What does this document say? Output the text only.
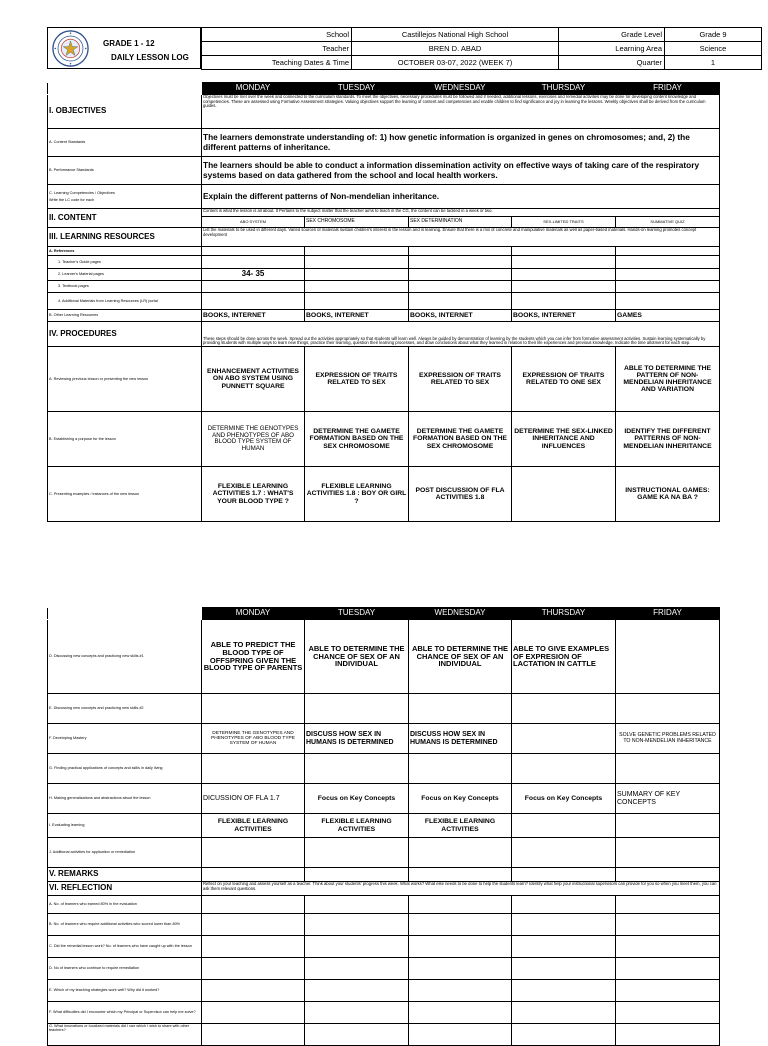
GRADE 1 - 12
DAILY LESSON LOG
School	Castillejos National High School	Grade Level	Grade 9
Teacher	BREN D. ABAD	Learning Area	Science
Teaching Dates & Time	OCTOBER 03-07, 2022 (WEEK 7)	Quarter	1
	MONDAY	TUESDAY	WEDNESDAY	THURSDAY	FRIDAY
I. OBJECTIVES	Objectives must be met over the week and connected to the curriculum standards. To meet the objectives, necessary procedures must be followed and if needed, additional lessons, exercises and remedial activities may be done for developing content knowledge and competencies. These are assessed using Formative Assessment strategies. Valuing objectives support the learning of content and competencies and enable children to find significance and joy in learning the lessons. Weekly objectives shall be derived from the curriculum guides.				
A. Content Standards	The learners demonstrate understanding of: 1) how genetic information is organized in genes on chromosomes; and, 2) the different patterns of inheritance.				
B. Performance Standards	The learners should be able to conduct a information dissemination activity on effective ways of taking care of the respiratory systems based on data gathered from the school and local health workers.				

C. Learning Competencies / Objectives
Write the LC code for each	Explain the different patterns of Non-mendelian inheritance.				
II. CONTENT	Content is what the lesson is all about. It Pertains to the subject matter that the teacher aims to teach in the CG, the content can be tackled in a week or two.				
	ABO SYSTEM	SEX CHROMOSOME	SEX DETERMINATION	SEX-LIMITED TRAITS	SUMMATIVE QUIZ
III. LEARNING RESOURCES	List the materials to be used in different days. Varied sources of materials sustain children's interest in the lesson and in learning. Ensure that there is a mix of concrete and manipulative materials as well as paper-based materials. Hands-on learning promotes concept development				
A. References					
1. Teacher's Guide pages					
2. Learner's Material pages	34- 35				
3. Textbook pages					
4. Additional Materials from Learning Resources (LR) portal					
B. Other Learning Resources	BOOKS, INTERNET	BOOKS, INTERNET	BOOKS, INTERNET	BOOKS, INTERNET	GAMES
IV. PROCEDURES	These steps should be done across the week. Spread out the activities appropriately so that students will learn well. Always be guided by demonstration of learning by the students which you can infer from formative assessment activities. Sustain learning systematically by providing students with multiple ways to learn new things, practice their learning, question their learning processes, and draw conclusions about what they learned in relation to their life experiences and previous knowledge. Indicate the time allotment for each step.				
A. Reviewing previous lesson or presenting the new lesson	ENHANCEMENT ACTIVITIES ON ABO SYSTEM USING PUNNETT SQUARE	EXPRESSION OF TRAITS RELATED TO SEX	EXPRESSION OF TRAITS RELATED TO SEX	EXPRESSION OF TRAITS RELATED TO ONE SEX	ABLE TO DETERMINE THE PATTERN OF NON-MENDELIAN INHERITANCE AND VARIATION
B. Establishing a purpose for the lesson	DETERMINE THE GENOTYPES AND PHENOTYPES OF ABO BLOOD TYPE SYSTEM OF HUMAN	DETERMINE THE GAMETE FORMATION BASED ON THE SEX CHROMOSOME	DETERMINE THE GAMETE FORMATION BASED ON THE SEX CHROMOSOME	DETERMINE THE SEX-LINKED INHERITANCE AND INFLUENCES	IDENTIFY THE DIFFERENT PATTERNS OF NON-MENDELIAN INHERITANCE
C. Presenting examples / instances of the new lesson	FLEXIBLE LEARNING ACTIVITIES 1.7 : WHAT'S YOUR BLOOD TYPE ?	FLEXIBLE LEARNING ACTIVITIES 1.8 : BOY OR GIRL ?	POST DISCUSSION OF FLA ACTIVITIES 1.8		INSTRUCTIONAL GAMES: GAME KA NA BA ?
	MONDAY	TUESDAY	WEDNESDAY	THURSDAY	FRIDAY
D. Discussing new concepts and practicing new skills #1	ABLE TO PREDICT THE BLOOD TYPE OF OFFSPRING GIVEN THE BLOOD TYPE OF PARENTS	ABLE TO DETERMINE THE CHANCE OF SEX OF AN INDIVIDUAL	ABLE TO DETERMINE THE CHANCE OF SEX OF AN INDIVIDUAL	ABLE TO GIVE EXAMPLES OF EXPRESION OF LACTATION IN CATTLE	
E. Discussing new concepts and practicing new skills #2					
F. Developing Mastery	DETERMINE THE GENOTYPES AND PHENOTYPES OF ABO BLOOD TYPE SYSTEM OF HUMAN	DISCUSS HOW SEX IN HUMANS IS DETERMINED	DISCUSS HOW SEX IN HUMANS IS DETERMINED		SOLVE GENETIC PROBLEMS RELATED TO NON-MENDELIAN INHERITANCE
G. Finding practical applications of concepts and skills in daily living					
H. Making generalizations and abstractions about the lesson	DICUSSION OF FLA 1.7	Focus on Key Concepts	Focus on Key Concepts	Focus on Key Concepts	SUMMARY OF KEY CONCEPTS
I. Evaluating learning	FLEXIBLE LEARNING ACTIVITIES	FLEXIBLE LEARNING ACTIVITIES	FLEXIBLE LEARNING ACTIVITIES		
J. Additional activities for application or remediation					
V. REMARKS					
VI. REFLECTION	Reflect on your teaching and assess yourself as a teacher. Think about your students' progress this week. What works? What else needs to be done to help the students learn? Identify what help your instructional supervisors can provide for you so when you meet them, you can ask them relevant questions.				
A. No. of learners who earned 80% in the evaluation					
B. No. of learners who require additional activities who scored lower than 80%					
C. Did the remedial lesson work? No. of learners who have caught up with the lesson					
D. No of learners who continue to require remediation					
E. Which of my teaching strategies work well? Why did it worked?					
F. What difficulties did I encounter which my Principal or Supervisor can help me solve?					
G. What innovations or localized materials did I use which I wish to share with other teachers?					
